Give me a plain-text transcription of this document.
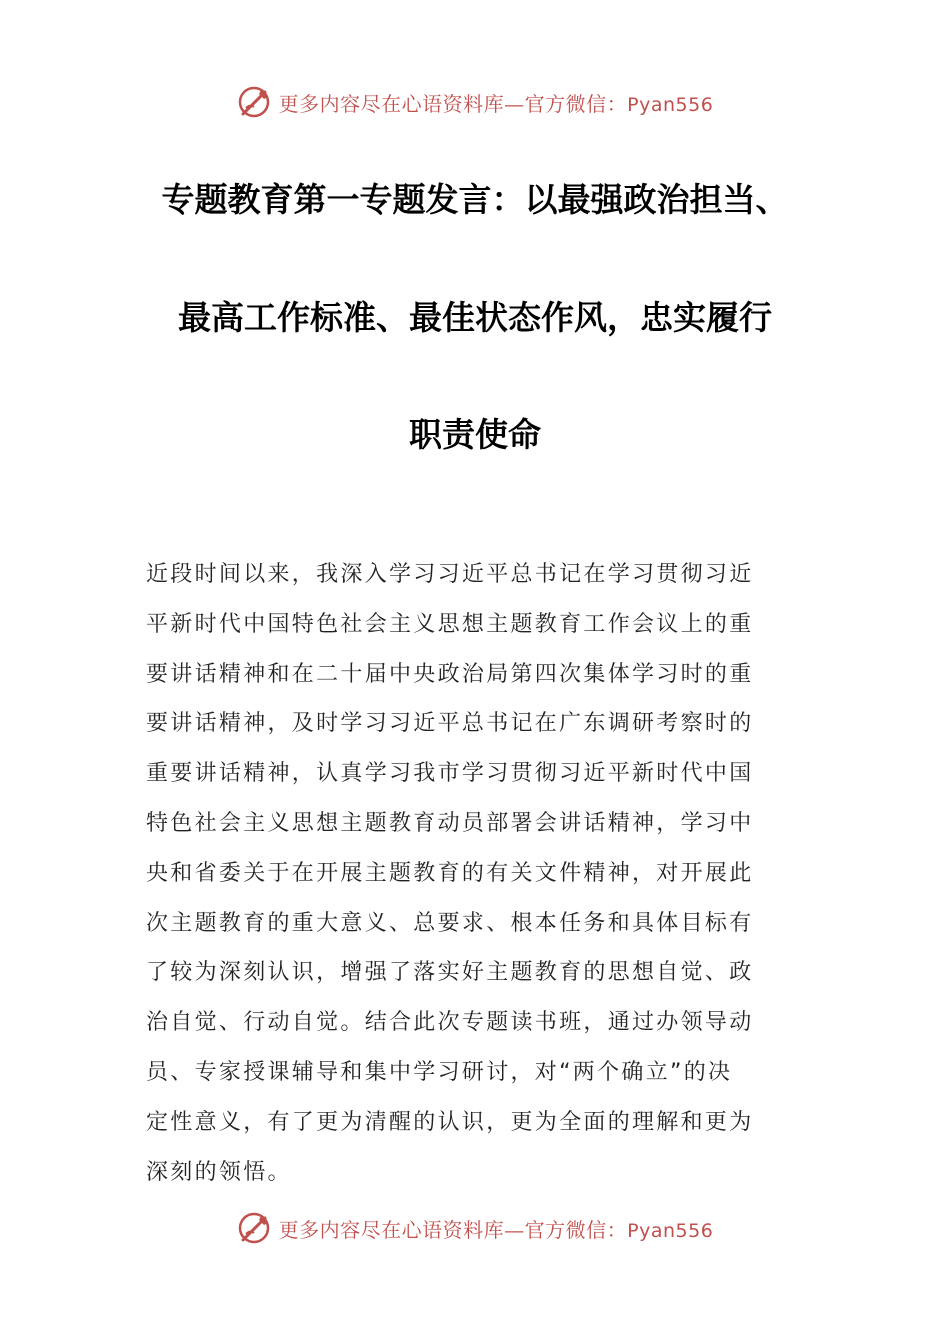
更多内容尽在心语资料库—官方微信：Pyan556
专题教育第一专题发言：以最强政治担当、
最高工作标准、最佳状态作风，忠实履行
职责使命
近段时间以来，我深入学习习近平总书记在学习贯彻习近
平新时代中国特色社会主义思想主题教育工作会议上的重
要讲话精神和在二十届中央政治局第四次集体学习时的重
要讲话精神，及时学习习近平总书记在广东调研考察时的
重要讲话精神，认真学习我市学习贯彻习近平新时代中国
特色社会主义思想主题教育动员部署会讲话精神，学习中
央和省委关于在开展主题教育的有关文件精神，对开展此
次主题教育的重大意义、总要求、根本任务和具体目标有
了较为深刻认识，增强了落实好主题教育的思想自觉、政
治自觉、行动自觉。结合此次专题读书班，通过办领导动
员、专家授课辅导和集中学习研讨，对“两个确立”的决
定性意义，有了更为清醒的认识，更为全面的理解和更为
深刻的领悟。
更多内容尽在心语资料库—官方微信：Pyan556
